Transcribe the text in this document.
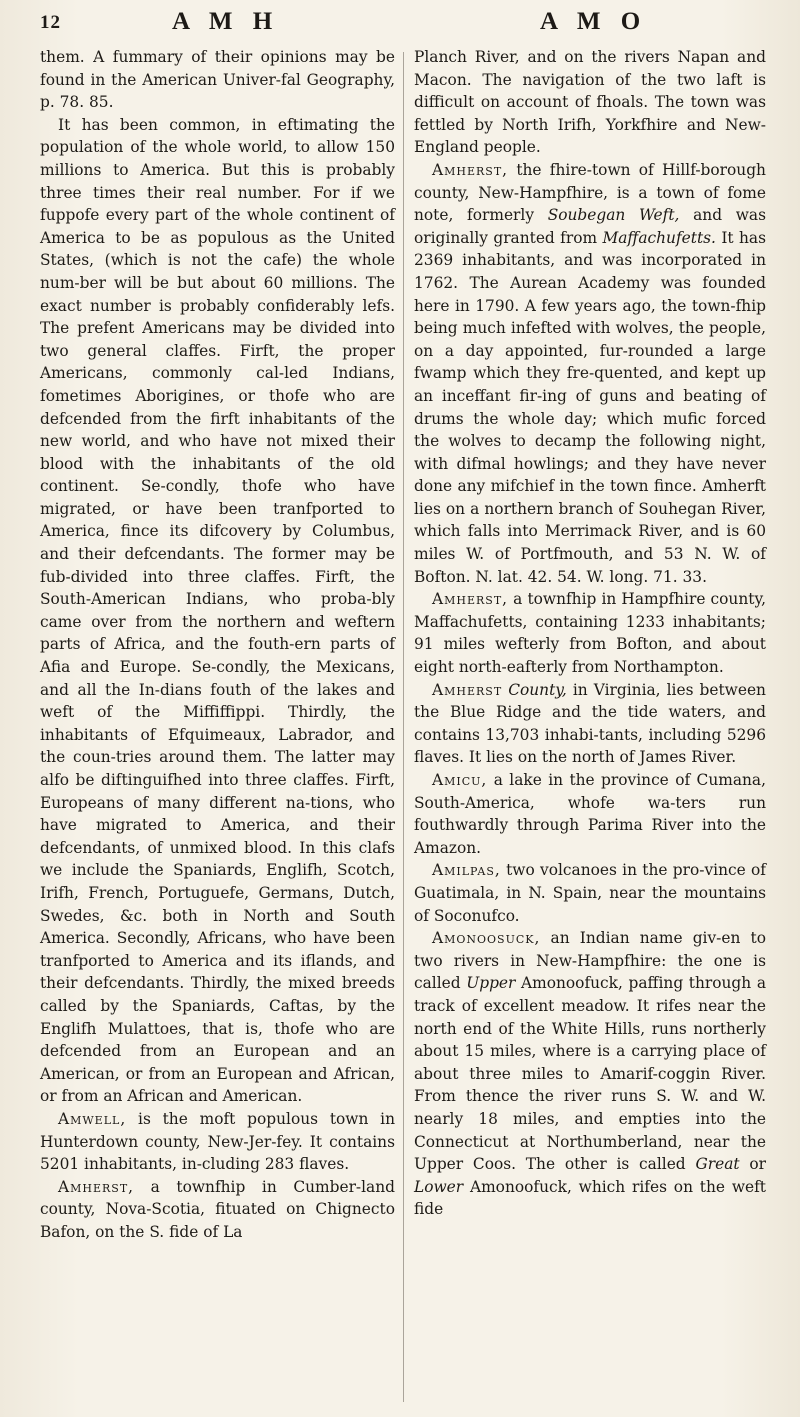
12	A M H	A M O

them. A fummary of their opinions may be found in the American Univer-fal Geography, p. 78. 85.

It has been common, in eftimating the population of the whole world, to allow 150 millions to America. But this is probably three times their real number. For if we fuppofe every part of the whole continent of America to be as populous as the United States, (which is not the cafe) the whole num-ber will be but about 60 millions. The exact number is probably confiderably lefs. The prefent Americans may be divided into two general claffes. Firft, the proper Americans, commonly cal-led Indians, fometimes Aborigines, or thofe who are defcended from the firft inhabitants of the new world, and who have not mixed their blood with the inhabitants of the old continent. Se-condly, thofe who have migrated, or have been tranfported to America, fince its difcovery by Columbus, and their defcendants. The former may be fub-divided into three claffes. Firft, the South-American Indians, who proba-bly came over from the northern and weftern parts of Africa, and the fouth-ern parts of Afia and Europe. Se-condly, the Mexicans, and all the In-dians fouth of the lakes and weft of the Miffiffippi. Thirdly, the inhabitants of Efquimeaux, Labrador, and the coun-tries around them. The latter may alfo be diftinguifhed into three claffes. Firft, Europeans of many different na-tions, who have migrated to America, and their defcendants, of unmixed blood. In this clafs we include the Spaniards, Englifh, Scotch, Irifh, French, Portuguefe, Germans, Dutch, Swedes, &c. both in North and South America. Secondly, Africans, who have been tranfported to America and its iflands, and their defcendants. Thirdly, the mixed breeds called by the Spaniards, Caftas, by the Englifh Mulattoes, that is, thofe who are defcended from an European and an American, or from an European and African, or from an African and American.

Amwell, is the moft populous town in Hunterdown county, New-Jer-fey. It contains 5201 inhabitants, in-cluding 283 flaves.

Amherst, a townfhip in Cumber-land county, Nova-Scotia, fituated on Chignecto Bafon, on the S. fide of La

Planch River, and on the rivers Napan and Macon. The navigation of the two laft is difficult on account of fhoals. The town was fettled by North Irifh, Yorkfhire and New-England people.

Amherst, the fhire-town of Hillf-borough county, New-Hampfhire, is a town of fome note, formerly Soubegan Weft, and was originally granted from Maffachufetts. It has 2369 inhabitants, and was incorporated in 1762. The Aurean Academy was founded here in 1790. A few years ago, the town-fhip being much infefted with wolves, the people, on a day appointed, fur-rounded a large fwamp which they fre-quented, and kept up an inceffant fir-ing of guns and beating of drums the whole day; which mufic forced the wolves to decamp the following night, with difmal howlings; and they have never done any mifchief in the town fince. Amherft lies on a northern branch of Souhegan River, which falls into Merrimack River, and is 60 miles W. of Portfmouth, and 53 N. W. of Bofton. N. lat. 42. 54. W. long. 71. 33.

Amherst, a townfhip in Hampfhire county, Maffachufetts, containing 1233 inhabitants; 91 miles wefterly from Bofton, and about eight north-eafterly from Northampton.

Amherst County, in Virginia, lies between the Blue Ridge and the tide waters, and contains 13,703 inhabi-tants, including 5296 flaves. It lies on the north of James River.

Amicu, a lake in the province of Cumana, South-America, whofe wa-ters run fouthwardly through Parima River into the Amazon.

Amilpas, two volcanoes in the pro-vince of Guatimala, in N. Spain, near the mountains of Soconufco.

Amonoosuck, an Indian name giv-en to two rivers in New-Hampfhire: the one is called Upper Amonoofuck, paffing through a track of excellent meadow. It rifes near the north end of the White Hills, runs northerly about 15 miles, where is a carrying place of about three miles to Amarif-coggin River. From thence the river runs S. W. and W. nearly 18 miles, and empties into the Connecticut at Northumberland, near the Upper Coos. The other is called Great or Lower Amonoofuck, which rifes on the weft fide
